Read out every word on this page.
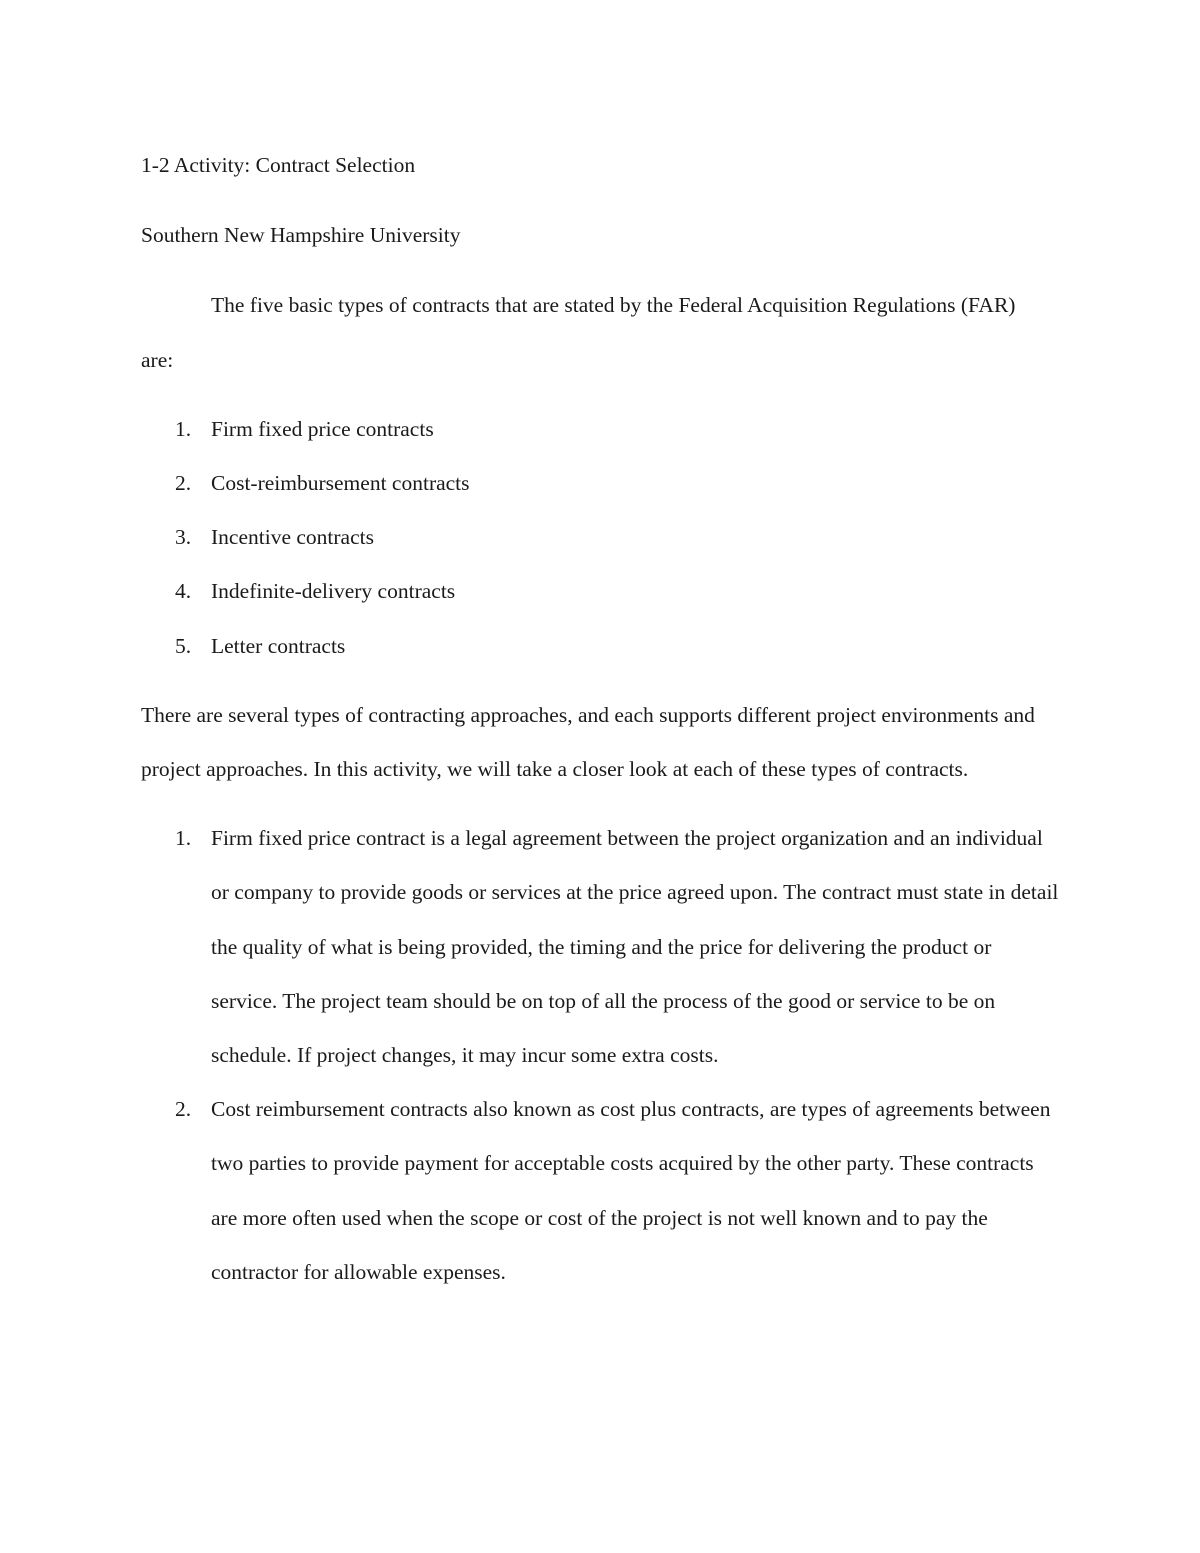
1-2 Activity: Contract Selection

Southern New Hampshire University

The five basic types of contracts that are stated by the Federal Acquisition Regulations (FAR) are:

1. Firm fixed price contracts
2. Cost-reimbursement contracts
3. Incentive contracts
4. Indefinite-delivery contracts
5. Letter contracts

There are several types of contracting approaches, and each supports different project environments and project approaches. In this activity, we will take a closer look at each of these types of contracts.

1. Firm fixed price contract is a legal agreement between the project organization and an individual or company to provide goods or services at the price agreed upon. The contract must state in detail the quality of what is being provided, the timing and the price for delivering the product or service. The project team should be on top of all the process of the good or service to be on schedule. If project changes, it may incur some extra costs.
2. Cost reimbursement contracts also known as cost plus contracts, are types of agreements between two parties to provide payment for acceptable costs acquired by the other party. These contracts are more often used when the scope or cost of the project is not well known and to pay the contractor for allowable expenses.
